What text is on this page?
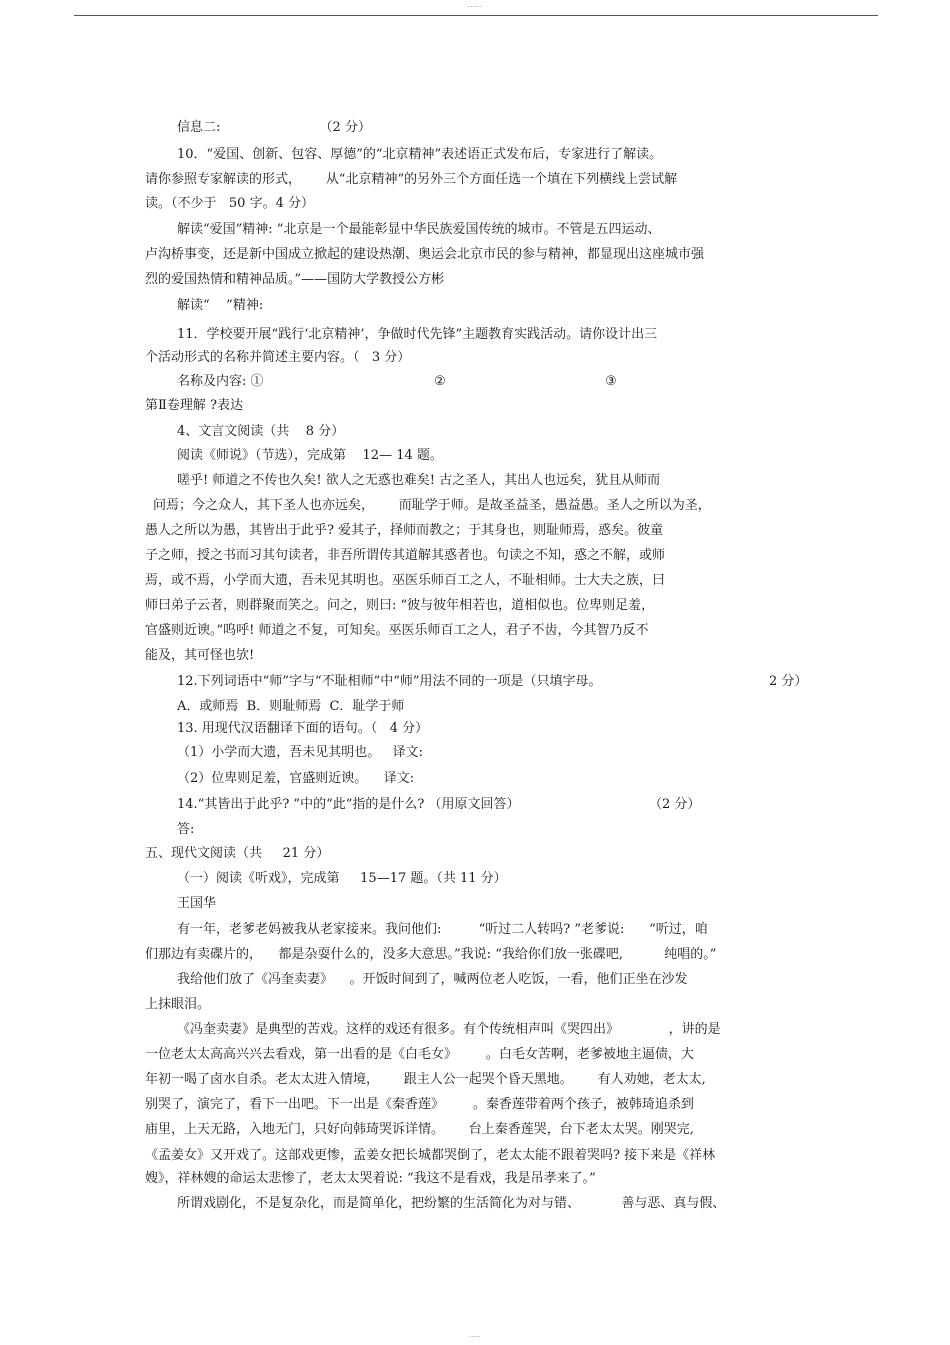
-----

信息二:                        （2 分）

10．“爱国、创新、包容、厚德”的“北京精神”表述语正式发布后，专家进行了解读。

请你参照专家解读的形式，      从“北京精神”的另外三个方面任选一个填在下列横线上尝试解

读。（不少于   50 字。4 分）

解读“爱国”精神: “北京是一个最能彰显中华民族爱国传统的城市。不管是五四运动、

卢沟桥事变，还是新中国成立掀起的建设热潮、奥运会北京市民的参与精神，都显现出这座城市强

烈的爱国热情和精神品质。”——国防大学教授公方彬

解读“    ”精神:

11．学校要开展“践行‘北京精神’，争做时代先锋”主题教育实践活动。请你设计出三

个活动形式的名称并简述主要内容。（   3 分）

名称及内容: ①	②	③

第Ⅱ卷理解 ?表达

4、文言文阅读（共    8 分）

阅读《师说》（节选），完成第    12— 14 题。

嗟乎! 师道之不传也久矣! 欲人之无惑也难矣! 古之圣人，其出人也远矣，犹且从师而

问焉；今之众人，其下圣人也亦远矣，      而耻学于师。是故圣益圣，愚益愚。圣人之所以为圣，

愚人之所以为愚，其皆出于此乎? 爱其子，择师而教之；于其身也，则耻师焉，惑矣。彼童

子之师，授之书而习其句读者，非吾所谓传其道解其惑者也。句读之不知，惑之不解，或师

焉，或不焉，小学而大遗，吾未见其明也。巫医乐师百工之人，不耻相师。士大夫之族，曰

师曰弟子云者，则群聚而笑之。问之，则曰: “彼与彼年相若也，道相似也。位卑则足羞，

官盛则近谀。”呜呼! 师道之不复，可知矣。巫医乐师百工之人，君子不齿，今其智乃反不

能及，其可怪也欤!

12.下列词语中“师”字与“不耻相师”中“师”用法不同的一项是（只填字母。	2 分）

A．或师焉  B．则耻师焉  C．耻学于师

13. 用现代汉语翻译下面的语句。（   4 分）

（1）小学而大遗，吾未见其明也。   译文:

（2）位卑则足羞，官盛则近谀。    译文:

14.“其皆出于此乎? ”中的“此”指的是什么? （用原文回答）	（2 分）

答:

五、现代文阅读（共     21 分）

（一）阅读《听戏》，完成第     15—17 题。（共 11 分）

王国华

有一年，老爹老妈被我从老家接来。我问他们:         “听过二人转吗? ”老爹说:      “听过，咱

们那边有卖碟片的，    都是杂耍什么的，没多大意思。”我说: “我给你们放一张碟吧,          纯唱的。”

我给他们放了《冯奎卖妻》    。开饭时间到了，喊两位老人吃饭，一看，他们正坐在沙发

上抹眼泪。

《冯奎卖妻》是典型的苦戏。这样的戏还有很多。有个传统相声叫《哭四出》            ，讲的是

一位老太太高高兴兴去看戏，第一出看的是《白毛女》       。白毛女苦啊，老爹被地主逼债，大

年初一喝了卤水自杀。老太太进入情境，      跟主人公一起哭个昏天黑地。      有人劝她，老太太,

别哭了，演完了，看下一出吧。下一出是《秦香莲》       。秦香莲带着两个孩子，被韩琦追杀到

庙里，上天无路，入地无门，只好向韩琦哭诉详情。      台上秦香莲哭，台下老太太哭。刚哭完,

《孟姜女》又开戏了。这部戏更惨，孟姜女把长城都哭倒了，老太太能不跟着哭吗? 接下来是《祥林

嫂》，祥林嫂的命运太悲惨了，老太太哭着说: “我这不是看戏，我是吊孝来了。”

所谓戏剧化，不是复杂化，而是简单化，把纷繁的生活简化为对与错、          善与恶、真与假、

----
